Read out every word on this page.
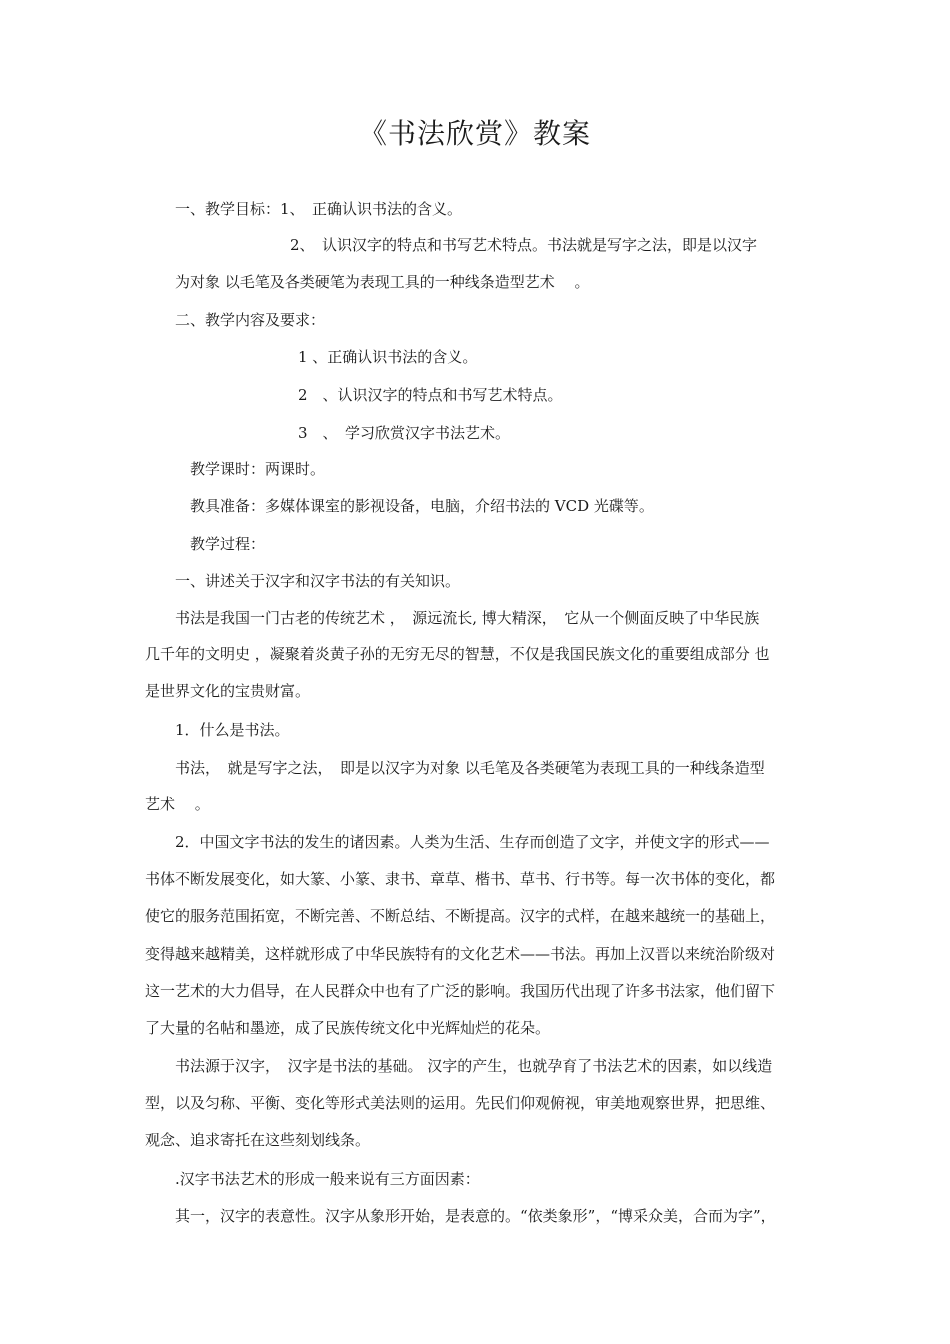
《书法欣赏》教案
一、教学目标：1、　正确认识书法的含义。
2、　认识汉字的特点和书写艺术特点。书法就是写字之法，即是以汉字
为对象 以毛笔及各类硬笔为表现工具的一种线条造型艺术　 。
二、教学内容及要求：
1 、正确认识书法的含义。
2　、认识汉字的特点和书写艺术特点。
3　、　学习欣赏汉字书法艺术。
教学课时：两课时。
教具准备：多媒体课室的影视设备，电脑，介绍书法的 VCD 光碟等。
教学过程：
一、讲述关于汉字和汉字书法的有关知识。
书法是我国一门古老的传统艺术 ，　源远流长, 博大精深，　它从一个侧面反映了中华民族
几千年的文明史 ，凝聚着炎黄子孙的无穷无尽的智慧，不仅是我国民族文化的重要组成部分 也
是世界文化的宝贵财富。
1．什么是书法。
书法，　就是写字之法，　即是以汉字为对象 以毛笔及各类硬笔为表现工具的一种线条造型
艺术　 。
2．中国文字书法的发生的诸因素。人类为生活、生存而创造了文字，并使文字的形式——
书体不断发展变化，如大篆、小篆、隶书、章草、楷书、草书、行书等。每一次书体的变化，都
使它的服务范围拓宽，不断完善、不断总结、不断提高。汉字的式样，在越来越统一的基础上，
变得越来越精美，这样就形成了中华民族特有的文化艺术——书法。再加上汉晋以来统治阶级对
这一艺术的大力倡导，在人民群众中也有了广泛的影响。我国历代出现了许多书法家，他们留下
了大量的名帖和墨迹，成了民族传统文化中光辉灿烂的花朵。
书法源于汉字，　汉字是书法的基础。 汉字的产生，也就孕育了书法艺术的因素，如以线造
型，以及匀称、平衡、变化等形式美法则的运用。先民们仰观俯视，审美地观察世界，把思维、
观念、追求寄托在这些刻划线条。
.汉字书法艺术的形成一般来说有三方面因素：
其一，汉字的表意性。汉字从象形开始，是表意的。“依类象形”，“博采众美，合而为字”，
